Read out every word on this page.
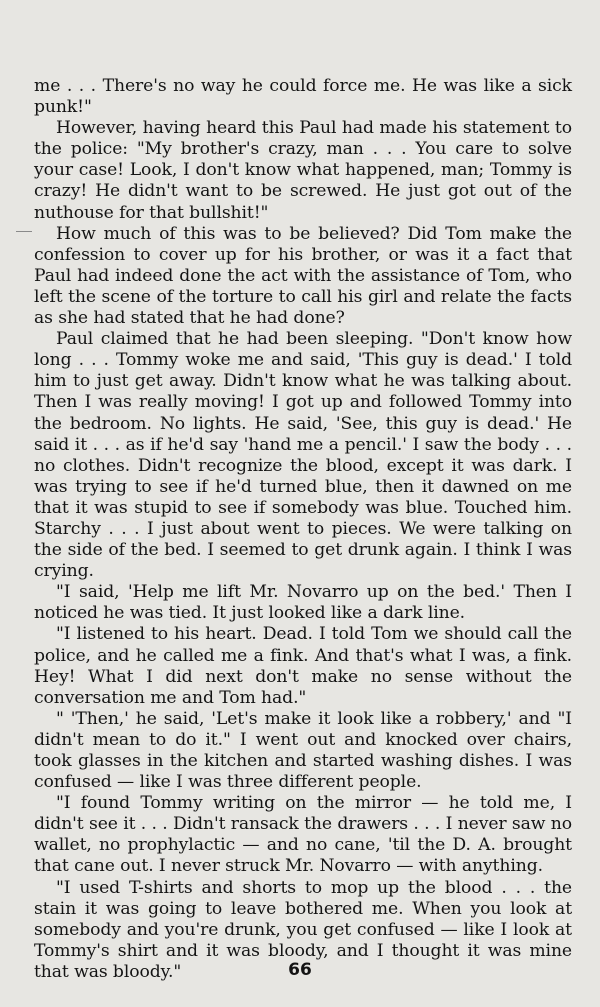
me . . . There's no way he could force me. He was like a sick punk!"

However, having heard this Paul had made his statement to the police: "My brother's crazy, man . . . You care to solve your case! Look, I don't know what happened, man; Tommy is crazy! He didn't want to be screwed. He just got out of the nuthouse for that bullshit!"

How much of this was to be believed? Did Tom make the confession to cover up for his brother, or was it a fact that Paul had indeed done the act with the assistance of Tom, who left the scene of the torture to call his girl and relate the facts as she had stated that he had done?

Paul claimed that he had been sleeping. "Don't know how long . . . Tommy woke me and said, 'This guy is dead.' I told him to just get away. Didn't know what he was talking about. Then I was really moving! I got up and followed Tommy into the bedroom. No lights. He said, 'See, this guy is dead.' He said it . . . as if he'd say 'hand me a pencil.' I saw the body . . . no clothes. Didn't recognize the blood, except it was dark. I was trying to see if he'd turned blue, then it dawned on me that it was stupid to see if somebody was blue. Touched him. Starchy . . . I just about went to pieces. We were talking on the side of the bed. I seemed to get drunk again. I think I was crying.

"I said, 'Help me lift Mr. Novarro up on the bed.' Then I noticed he was tied. It just looked like a dark line.

"I listened to his heart. Dead. I told Tom we should call the police, and he called me a fink. And that's what I was, a fink. Hey! What I did next don't make no sense without the conversation me and Tom had."

" 'Then,' he said, 'Let's make it look like a robbery,' and "I didn't mean to do it." I went out and knocked over chairs, took glasses in the kitchen and started washing dishes. I was confused — like I was three different people.

"I found Tommy writing on the mirror — he told me, I didn't see it . . . Didn't ransack the drawers . . . I never saw no wallet, no prophylactic — and no cane, 'til the D. A. brought that cane out. I never struck Mr. Novarro — with anything.

"I used T-shirts and shorts to mop up the blood . . . the stain it was going to leave bothered me. When you look at somebody and you're drunk, you get confused — like I look at Tommy's shirt and it was bloody, and I thought it was mine that was bloody."	66
